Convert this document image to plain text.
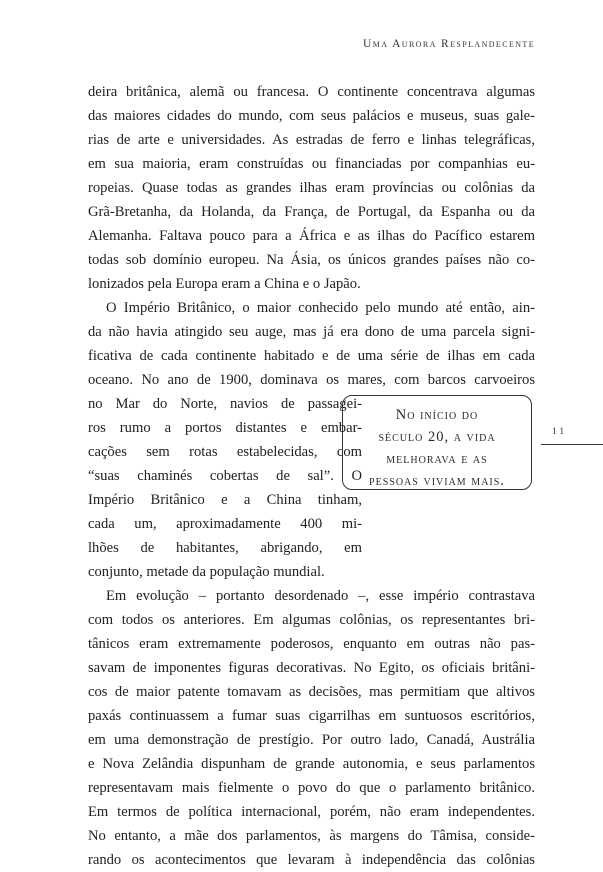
Uma Aurora Resplandecente
11
deira britânica, alemã ou francesa. O continente concentrava algumas
das maiores cidades do mundo, com seus palácios e museus, suas gale-
rias de arte e universidades. As estradas de ferro e linhas telegráficas,
em sua maioria, eram construídas ou financiadas por companhias eu-
ropeias. Quase todas as grandes ilhas eram províncias ou colônias da
Grã-Bretanha, da Holanda, da França, de Portugal, da Espanha ou da
Alemanha. Faltava pouco para a África e as ilhas do Pacífico estarem
todas sob domínio europeu. Na Ásia, os únicos grandes países não co-
lonizados pela Europa eram a China e o Japão.
O Império Britânico, o maior conhecido pelo mundo até então, ain-
da não havia atingido seu auge, mas já era dono de uma parcela signi-
ficativa de cada continente habitado e de uma série de ilhas em cada
oceano. No ano de 1900, dominava os mares, com barcos carvoeiros
no Mar do Norte, navios de passagei-
ros rumo a portos distantes e embar-
cações sem rotas estabelecidas, com
“suas chaminés cobertas de sal”. O
Império Britânico e a China tinham,
cada um, aproximadamente 400 mi-
lhões de habitantes, abrigando, em
conjunto, metade da população mundial.
Em evolução – portanto desordenado –, esse império contrastava
com todos os anteriores. Em algumas colônias, os representantes bri-
tânicos eram extremamente poderosos, enquanto em outras não pas-
savam de imponentes figuras decorativas. No Egito, os oficiais britâni-
cos de maior patente tomavam as decisões, mas permitiam que altivos
paxás continuassem a fumar suas cigarrilhas em suntuosos escritórios,
em uma demonstração de prestígio. Por outro lado, Canadá, Austrália
e Nova Zelândia dispunham de grande autonomia, e seus parlamentos
representavam mais fielmente o povo do que o parlamento britânico.
Em termos de política internacional, porém, não eram independentes.
No entanto, a mãe dos parlamentos, às margens do Tâmisa, conside-
rando os acontecimentos que levaram à independência das colônias
No início do
século 20, a vida
melhorava e as
pessoas viviam mais.
